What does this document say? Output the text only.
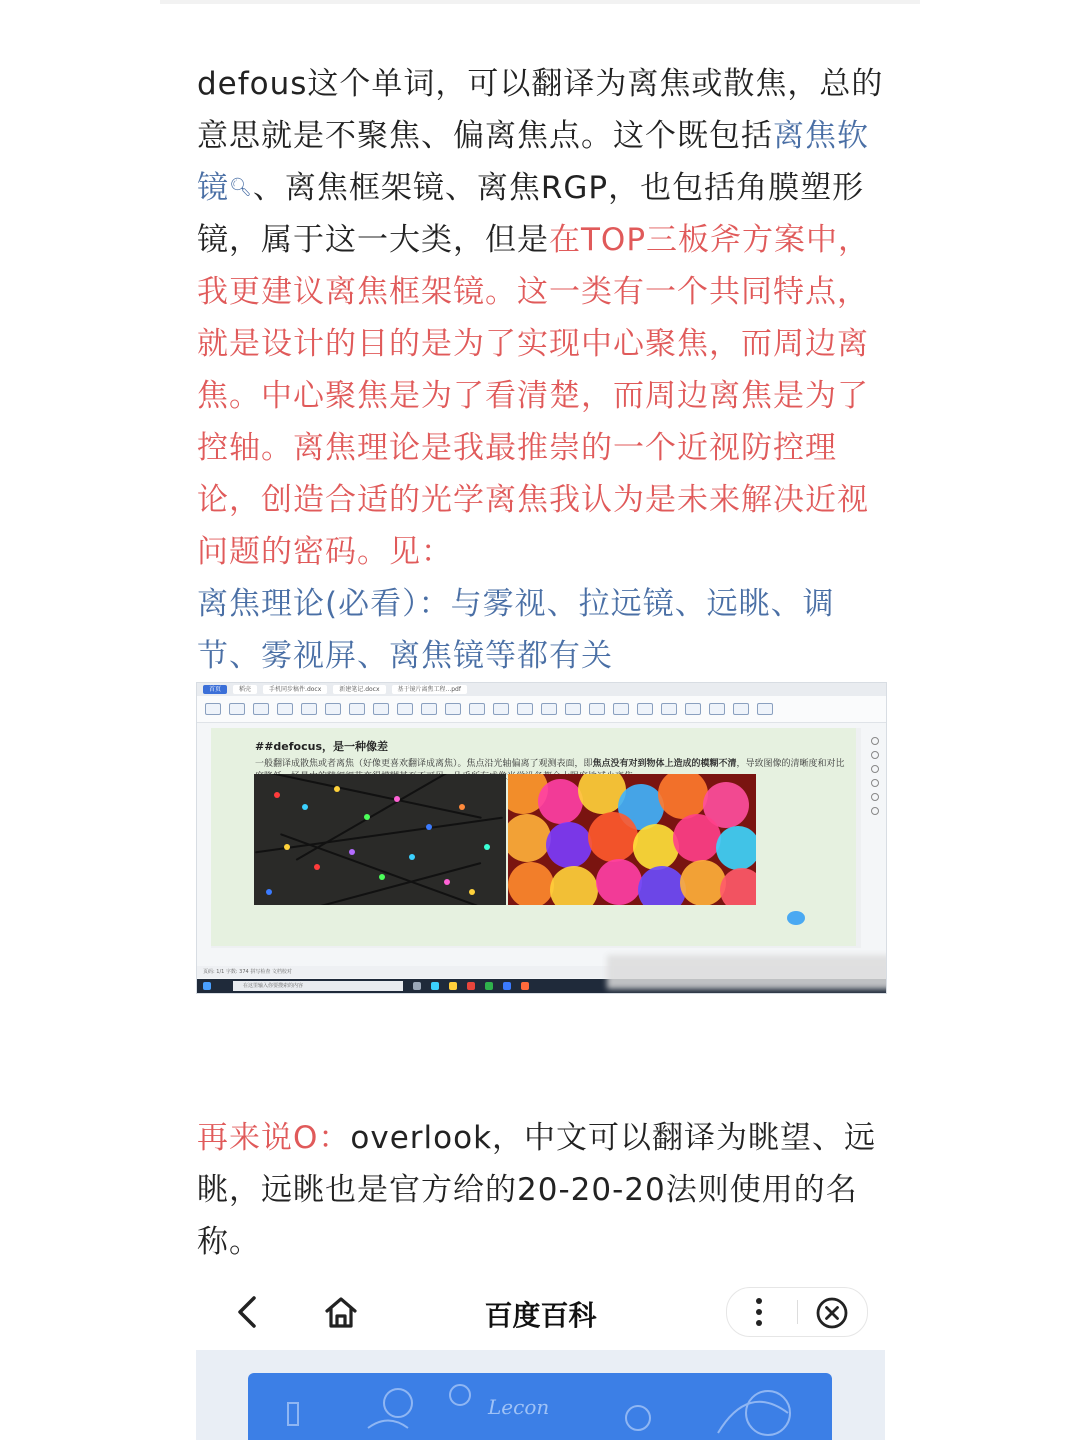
defous这个单词，可以翻译为离焦或散焦，总的意思就是不聚焦、偏离焦点。这个既包括离焦软镜🔍︎、离焦框架镜、离焦RGP，也包括角膜塑形镜，属于这一大类，但是在TOP三板斧方案中，我更建议离焦框架镜。这一类有一个共同特点，就是设计的目的是为了实现中心聚焦，而周边离焦。中心聚焦是为了看清楚，而周边离焦是为了控轴。离焦理论是我最推崇的一个近视防控理论，创造合适的光学离焦我认为是未来解决近视问题的密码。见：

离焦理论(必看）：与雾视、拉远镜、远眺、调节、雾视屏、离焦镜等都有关

首页	稻壳	手机同步稿件.docx	新建笔记.docx	基于镜片离焦工程...pdf
##defocus，是一种像差
一般翻译成散焦或者离焦（好像更喜欢翻译成离焦）。焦点沿光轴偏离了观测表面，即焦点没有对到物体上造成的模糊不清，导致图像的清晰度和对比 像光

页码: 1/1 字数: 374 拼写检查 文档校对
在这里输入你要搜索的内容
再来说O：overlook，中文可以翻译为眺望、远眺，远眺也是官方给的20-20-20法则使用的名称。
百度百科
Lecon
